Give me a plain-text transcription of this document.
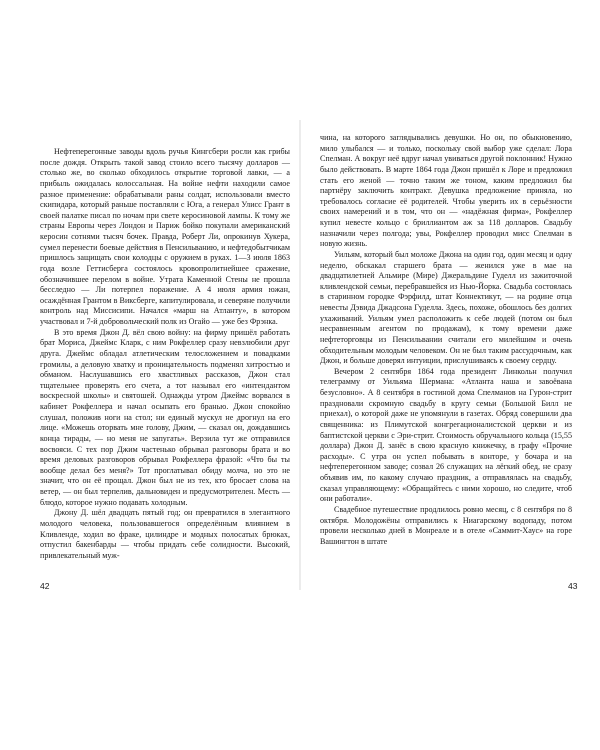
Нефтеперегонные заводы вдоль ручья Кингсбери росли как грибы после дождя. Открыть такой завод стоило всего тысячу долларов — столько же, во сколько обходилось открытие торговой лавки, — а прибыль ожидалась колоссальная. На войне нефти находили самое разное применение: обрабатывали раны солдат, использовали вместо скипидара, который раньше поставляли с Юга, а генерал Улисс Грант в своей палатке писал по ночам при свете керосиновой лампы. К тому же страны Европы через Лондон и Париж бойко покупали американский керосин сотнями тысяч бочек. Правда, Роберт Ли, опрокинув Хукера, сумел перенести боевые действия в Пенсильванию, и нефтедобытчикам пришлось защищать свои колодцы с оружием в руках. 1—3 июля 1863 года возле Геттисберга состоялось кровопролитнейшее сражение, обозначившее перелом в войне. Утрата Каменной Стены не прошла бесследно — Ли потерпел поражение. А 4 июля армия южан, осаждённая Грантом в Виксберге, капитулировала, и северяне получили контроль над Миссисипи. Начался «марш на Атланту», в котором участвовал и 7-й добровольческий полк из Огайо — уже без Фрэнка.

В это время Джон Д. вёл свою войну: на фирму пришёл работать брат Мориса, Джеймс Кларк, с ним Рокфеллер сразу невзлюбили друг друга. Джеймс обладал атлетическим телосложением и повадками громилы, а деловую хватку и проницательность подменял хитростью и обманом. Наслушавшись его хвастливых рассказов, Джон стал тщательнее проверять его счета, а тот называл его «интендантом воскресной школы» и святошей. Однажды утром Джеймс ворвался в кабинет Рокфеллера и начал осыпать его бранью. Джон спокойно слушал, положив ноги на стол; ни единый мускул не дрогнул на его лице. «Можешь оторвать мне голову, Джим, — сказал он, дождавшись конца тирады, — но меня не запугать». Верзила тут же отправился восвояси. С тех пор Джим частенько обрывал разговоры брата и во время деловых разговоров обрывал Рокфеллера фразой: «Что бы ты вообще делал без меня?» Тот проглатывал обиду молча, но это не значит, что он её прощал. Джон был не из тех, кто бросает слова на ветер, — он был терпелив, дальновиден и предусмотрителен. Месть — блюдо, которое нужно подавать холодным.

Джону Д. шёл двадцать пятый год; он превратился в элегантного молодого человека, пользовавшегося определённым влиянием в Кливленде, ходил во фраке, цилиндре и модных полосатых брюках, отпустил бакенбарды — чтобы придать себе солидности. Высокий, привлекательный муж-

42

чина, на которого заглядывались девушки. Но он, по обыкновению, мило улыбался — и только, поскольку свой выбор уже сделал: Лора Спелман. А вокруг неё вдруг начал увиваться другой поклонник! Нужно было действовать. В марте 1864 года Джон пришёл к Лоре и предложил стать его женой — точно таким же тоном, каким предложил бы партнёру заключить контракт. Девушка предложение приняла, но требовалось согласие её родителей. Чтобы уверить их в серьёзности своих намерений и в том, что он — «надёжная фирма», Рокфеллер купил невесте кольцо с бриллиантом аж за 118 долларов. Свадьбу назначили через полгода; увы, Рокфеллер проводил мисс Спелман в новую жизнь.

Уильям, который был моложе Джона на один год, один месяц и одну неделю, обскакал старшего брата — женился уже в мае на двадцатилетней Альмире (Мире) Джеральдине Гуделл из зажиточной кливлендской семьи, перебравшейся из Нью-Йорка. Свадьба состоялась в старинном городке Фэрфилд, штат Коннектикут, — на родине отца невесты Дэвида Джадсона Гуделла. Здесь, похоже, обошлось без долгих ухаживаний. Уильям умел расположить к себе людей (потом он был несравненным агентом по продажам), к тому времени даже нефтеторговцы из Пенсильвании считали его милейшим и очень обходительным молодым человеком. Он не был таким рассудочным, как Джон, и больше доверял интуиции, прислушиваясь к своему сердцу.

Вечером 2 сентября 1864 года президент Линкольн получил телеграмму от Уильяма Шермана: «Атланта наша и завоёвана безусловно». А 8 сентября в гостиной дома Спелманов на Гурон-стрит праздновали скромную свадьбу в кругу семьи (Большой Билл не приехал), о которой даже не упомянули в газетах. Обряд совершили два священника: из Плимутской конгрегационалистской церкви и из баптистской церкви с Эри-стрит. Стоимость обручального кольца (15,55 доллара) Джон Д. занёс в свою красную книжечку, в графу «Прочие расходы». С утра он успел побывать в конторе, у бочара и на нефтеперегонном заводе; созвал 26 служащих на лёгкий обед, не сразу объявив им, по какому случаю праздник, а отправлялась на свадьбу, сказал управляющему: «Обращайтесь с ними хорошо, но следите, чтоб они работали».

Свадебное путешествие продлилось ровно месяц, с 8 сентября по 8 октября. Молодожёны отправились к Ниагарскому водопаду, потом провели несколько дней в Монреале и в отеле «Саммит-Хаус» на горе Вашингтон в штате

43
